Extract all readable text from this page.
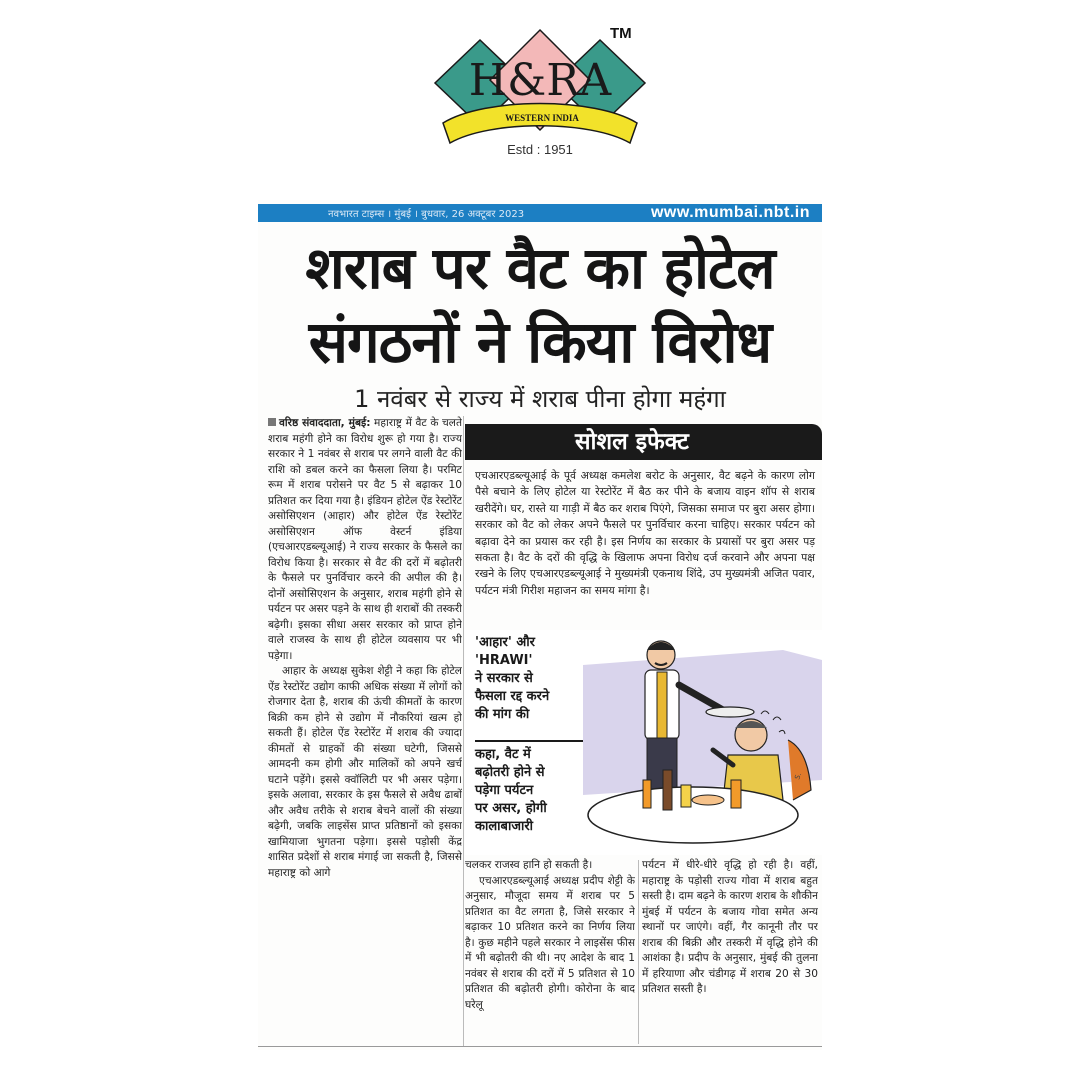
H&RA
WESTERN INDIA
TM
Estd : 1951
नवभारत टाइम्स । मुंबई । बुधवार, 26 अक्टूबर 2023	www.mumbai.nbt.in
शराब पर वैट का होटेल
संगठनों ने किया विरोध
1 नवंबर से राज्य में शराब पीना होगा महंगा

वरिष्ठ संवाददाता, मुंबई: महाराष्ट्र में वैट के चलते शराब महंगी होने का विरोध शुरू हो गया है। राज्य सरकार ने 1 नवंबर से शराब पर लगने वाली वैट की राशि को डबल करने का फैसला लिया है। परमिट रूम में शराब परोसने पर वैट 5 से बढ़ाकर 10 प्रतिशत कर दिया गया है। इंडियन होटेल ऐंड रेस्टोरेंट असोसिएशन (आहार) और होटेल ऐंड रेस्टोरेंट असोसिएशन ऑफ वेस्टर्न इंडिया (एचआरएडब्ल्यूआई) ने राज्य सरकार के फैसले का विरोध किया है। सरकार से वैट की दरों में बढ़ोतरी के फैसले पर पुनर्विचार करने की अपील की है। दोनों असोसिएशन के अनुसार, शराब महंगी होने से पर्यटन पर असर पड़ने के साथ ही शराबों की तस्करी बढ़ेगी। इसका सीधा असर सरकार को प्राप्त होने वाले राजस्व के साथ ही होटेल व्यवसाय पर भी पड़ेगा।

आहार के अध्यक्ष सुकेश शेट्टी ने कहा कि होटेल ऐंड रेस्टोरेंट उद्योग काफी अधिक संख्या में लोगों को रोजगार देता है, शराब की ऊंची कीमतों के कारण बिक्री कम होने से उद्योग में नौकरियां खत्म हो सकती हैं। होटेल ऐंड रेस्टोरेंट में शराब की ज्यादा कीमतों से ग्राहकों की संख्या घटेगी, जिससे आमदनी कम होगी और मालिकों को अपने खर्च घटाने पड़ेंगे। इससे क्वॉलिटी पर भी असर पड़ेगा। इसके अलावा, सरकार के इस फैसले से अवैध ढाबों और अवैध तरीके से शराब बेचने वालों की संख्या बढ़ेगी, जबकि लाइसेंस प्राप्त प्रतिष्ठानों को इसका खामियाजा भुगतना पड़ेगा। इससे पड़ोसी केंद्र शासित प्रदेशों से शराब मंगाई जा सकती है, जिससे महाराष्ट्र को आगे

सोशल इफेक्ट
एचआरएडब्ल्यूआई के पूर्व अध्यक्ष कमलेश बरोट के अनुसार, वैट बढ़ने के कारण लोग पैसे बचाने के लिए होटेल या रेस्टोरेंट में बैठ कर पीने के बजाय वाइन शॉप से शराब खरीदेंगे। घर, रास्ते या गाड़ी में बैठ कर शराब पिएंगे, जिसका समाज पर बुरा असर होगा। सरकार को वैट को लेकर अपने फैसले पर पुनर्विचार करना चाहिए। सरकार पर्यटन को बढ़ावा देने का प्रयास कर रही है। इस निर्णय का सरकार के प्रयासों पर बुरा असर पड़ सकता है। वैट के दरों की वृद्धि के खिलाफ अपना विरोध दर्ज करवाने और अपना पक्ष रखने के लिए एचआरएडब्ल्यूआई ने मुख्यमंत्री एकनाथ शिंदे, उप मुख्यमंत्री अजित पवार, पर्यटन मंत्री गिरीश महाजन का समय मांगा है।
'आहार' और
'HRAWI'
ने सरकार से
फैसला रद्द करने
की मांग की
कहा, वैट में
बढ़ोतरी होने से
पड़ेगा पर्यटन
पर असर, होगी
कालाबाजारी
S.

चलकर राजस्व हानि हो सकती है।

एचआरएडब्ल्यूआई अध्यक्ष प्रदीप शेट्टी के अनुसार, मौजूदा समय में शराब पर 5 प्रतिशत का वैट लगता है, जिसे सरकार ने बढ़ाकर 10 प्रतिशत करने का निर्णय लिया है। कुछ महीने पहले सरकार ने लाइसेंस फीस में भी बढ़ोतरी की थी। नए आदेश के बाद 1 नवंबर से शराब की दरों में 5 प्रतिशत से 10 प्रतिशत की बढ़ोतरी होगी। कोरोना के बाद घरेलू

पर्यटन में धीरे-धीरे वृद्धि हो रही है। वहीं, महाराष्ट्र के पड़ोसी राज्य गोवा में शराब बहुत सस्ती है। दाम बढ़ने के कारण शराब के शौकीन मुंबई में पर्यटन के बजाय गोवा समेत अन्य स्थानों पर जाएंगे। वहीं, गैर कानूनी तौर पर शराब की बिक्री और तस्करी में वृद्धि होने की आशंका है। प्रदीप के अनुसार, मुंबई की तुलना में हरियाणा और चंडीगढ़ में शराब 20 से 30 प्रतिशत सस्ती है।
